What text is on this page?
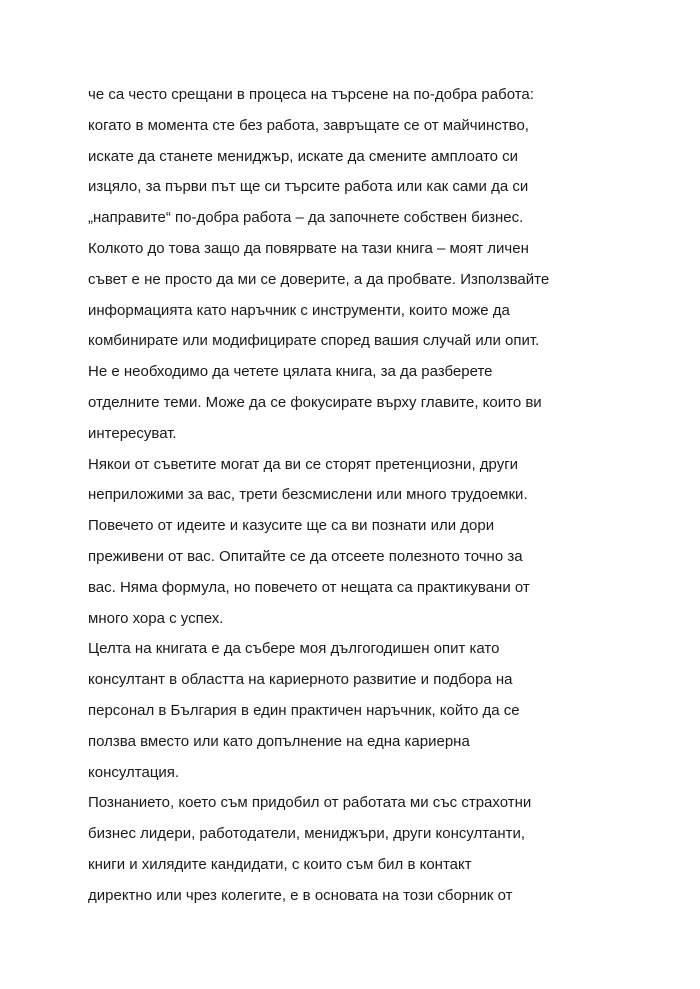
че са често срещани в процеса на търсене на по-добра работа:
когато в момента сте без работа, завръщате се от майчинство,
искате да станете мениджър, искате да смените амплоато си
изцяло, за първи път ще си търсите работа или как сами да си
„направите“ по-добра работа – да започнете собствен бизнес.
Колкото до това защо да повярвате на тази книга – моят личен
съвет е не просто да ми се доверите, а да пробвате. Използвайте
информацията като наръчник с инструменти, които може да
комбинирате или модифицирате според вашия случай или опит.
Не е необходимо да четете цялата книга, за да разберете
отделните теми. Може да се фокусирате върху главите, които ви
интересуват.
Някои от съветите могат да ви се сторят претенциозни, други
неприложими за вас, трети безсмислени или много трудоемки.
Повечето от идеите и казусите ще са ви познати или дори
преживени от вас. Опитайте се да отсеете полезното точно за
вас. Няма формула, но повечето от нещата са практикувани от
много хора с успех.
Целта на книгата е да събере моя дългогодишен опит като
консултант в областта на кариерното развитие и подбора на
персонал в България в един практичен наръчник, който да се
ползва вместо или като допълнение на една кариерна
консултация.
Познанието, което съм придобил от работата ми със страхотни
бизнес лидери, работодатели, мениджъри, други консултанти,
книги и хилядите кандидати, с които съм бил в контакт
директно или чрез колегите, е в основата на този сборник от
